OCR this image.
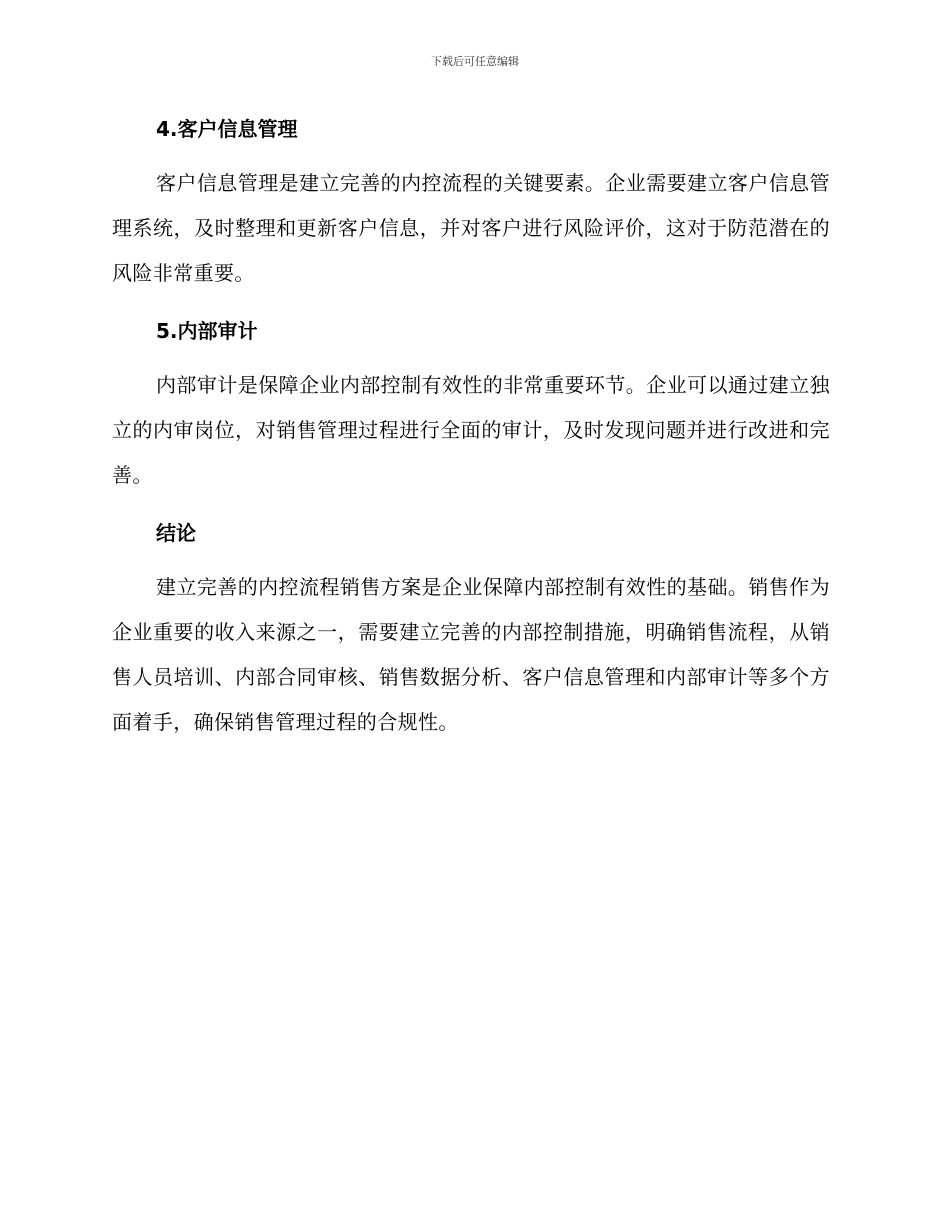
下载后可任意编辑
4.客户信息管理

客户信息管理是建立完善的内控流程的关键要素。企业需要建立客户信息管理系统，及时整理和更新客户信息，并对客户进行风险评价，这对于防范潜在的风险非常重要。

5.内部审计

内部审计是保障企业内部控制有效性的非常重要环节。企业可以通过建立独立的内审岗位，对销售管理过程进行全面的审计，及时发现问题并进行改进和完善。

结论

建立完善的内控流程销售方案是企业保障内部控制有效性的基础。销售作为企业重要的收入来源之一，需要建立完善的内部控制措施，明确销售流程，从销售人员培训、内部合同审核、销售数据分析、客户信息管理和内部审计等多个方面着手，确保销售管理过程的合规性。
